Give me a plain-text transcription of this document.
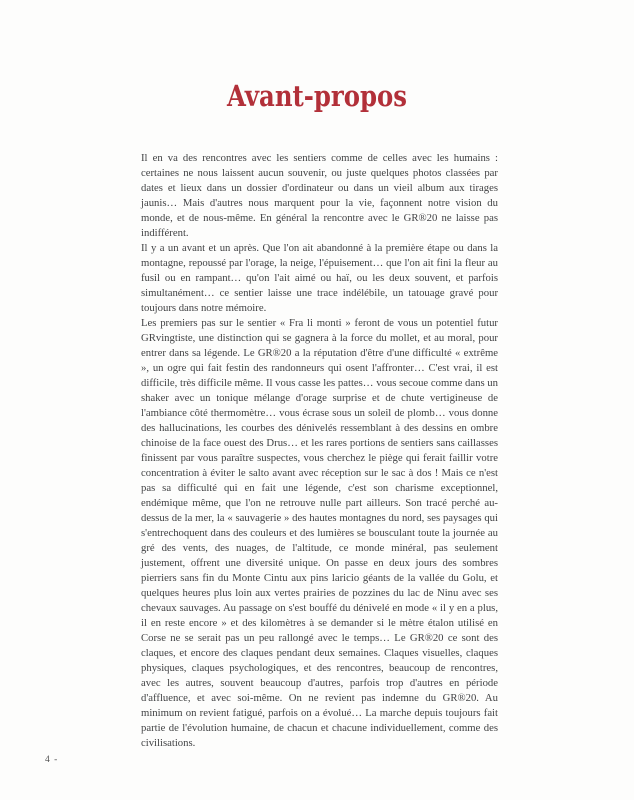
Avant-propos

Il en va des rencontres avec les sentiers comme de celles avec les humains : certaines ne nous laissent aucun souvenir, ou juste quelques photos classées par dates et lieux dans un dossier d'ordinateur ou dans un vieil album aux tirages jaunis… Mais d'autres nous marquent pour la vie, façonnent notre vision du monde, et de nous-même. En général la rencontre avec le GR®20 ne laisse pas indifférent.

Il y a un avant et un après. Que l'on ait abandonné à la première étape ou dans la montagne, repoussé par l'orage, la neige, l'épuisement… que l'on ait fini la fleur au fusil ou en rampant… qu'on l'ait aimé ou haï, ou les deux souvent, et parfois simultanément… ce sentier laisse une trace indélébile, un tatouage gravé pour toujours dans notre mémoire.

Les premiers pas sur le sentier « Fra li monti » feront de vous un potentiel futur GRvingtiste, une distinction qui se gagnera à la force du mollet, et au moral, pour entrer dans sa légende. Le GR®20 a la réputation d'être d'une difficulté « extrême », un ogre qui fait festin des randonneurs qui osent l'affronter… C'est vrai, il est difficile, très difficile même. Il vous casse les pattes… vous secoue comme dans un shaker avec un tonique mélange d'orage surprise et de chute vertigineuse de l'ambiance côté thermomètre… vous écrase sous un soleil de plomb… vous donne des hallucinations, les courbes des dénivelés ressemblant à des dessins en ombre chinoise de la face ouest des Drus… et les rares portions de sentiers sans caillasses finissent par vous paraître suspectes, vous cherchez le piège qui ferait faillir votre concentration à éviter le salto avant avec réception sur le sac à dos ! Mais ce n'est pas sa difficulté qui en fait une légende, c'est son charisme exceptionnel, endémique même, que l'on ne retrouve nulle part ailleurs. Son tracé perché au-dessus de la mer, la « sauvagerie » des hautes montagnes du nord, ses paysages qui s'entrechoquent dans des couleurs et des lumières se bousculant toute la journée au gré des vents, des nuages, de l'altitude, ce monde minéral, pas seulement justement, offrent une diversité unique. On passe en deux jours des sombres pierriers sans fin du Monte Cintu aux pins laricio géants de la vallée du Golu, et quelques heures plus loin aux vertes prairies de pozzines du lac de Ninu avec ses chevaux sauvages. Au passage on s'est bouffé du dénivelé en mode « il y en a plus, il en reste encore » et des kilomètres à se demander si le mètre étalon utilisé en Corse ne se serait pas un peu rallongé avec le temps… Le GR®20 ce sont des claques, et encore des claques pendant deux semaines. Claques visuelles, claques physiques, claques psychologiques, et des rencontres, beaucoup de rencontres, avec les autres, souvent beaucoup d'autres, parfois trop d'autres en période d'affluence, et avec soi-même. On ne revient pas indemne du GR®20. Au minimum on revient fatigué, parfois on a évolué… La marche depuis toujours fait partie de l'évolution humaine, de chacun et chacune individuellement, comme des civilisations.

4 -
